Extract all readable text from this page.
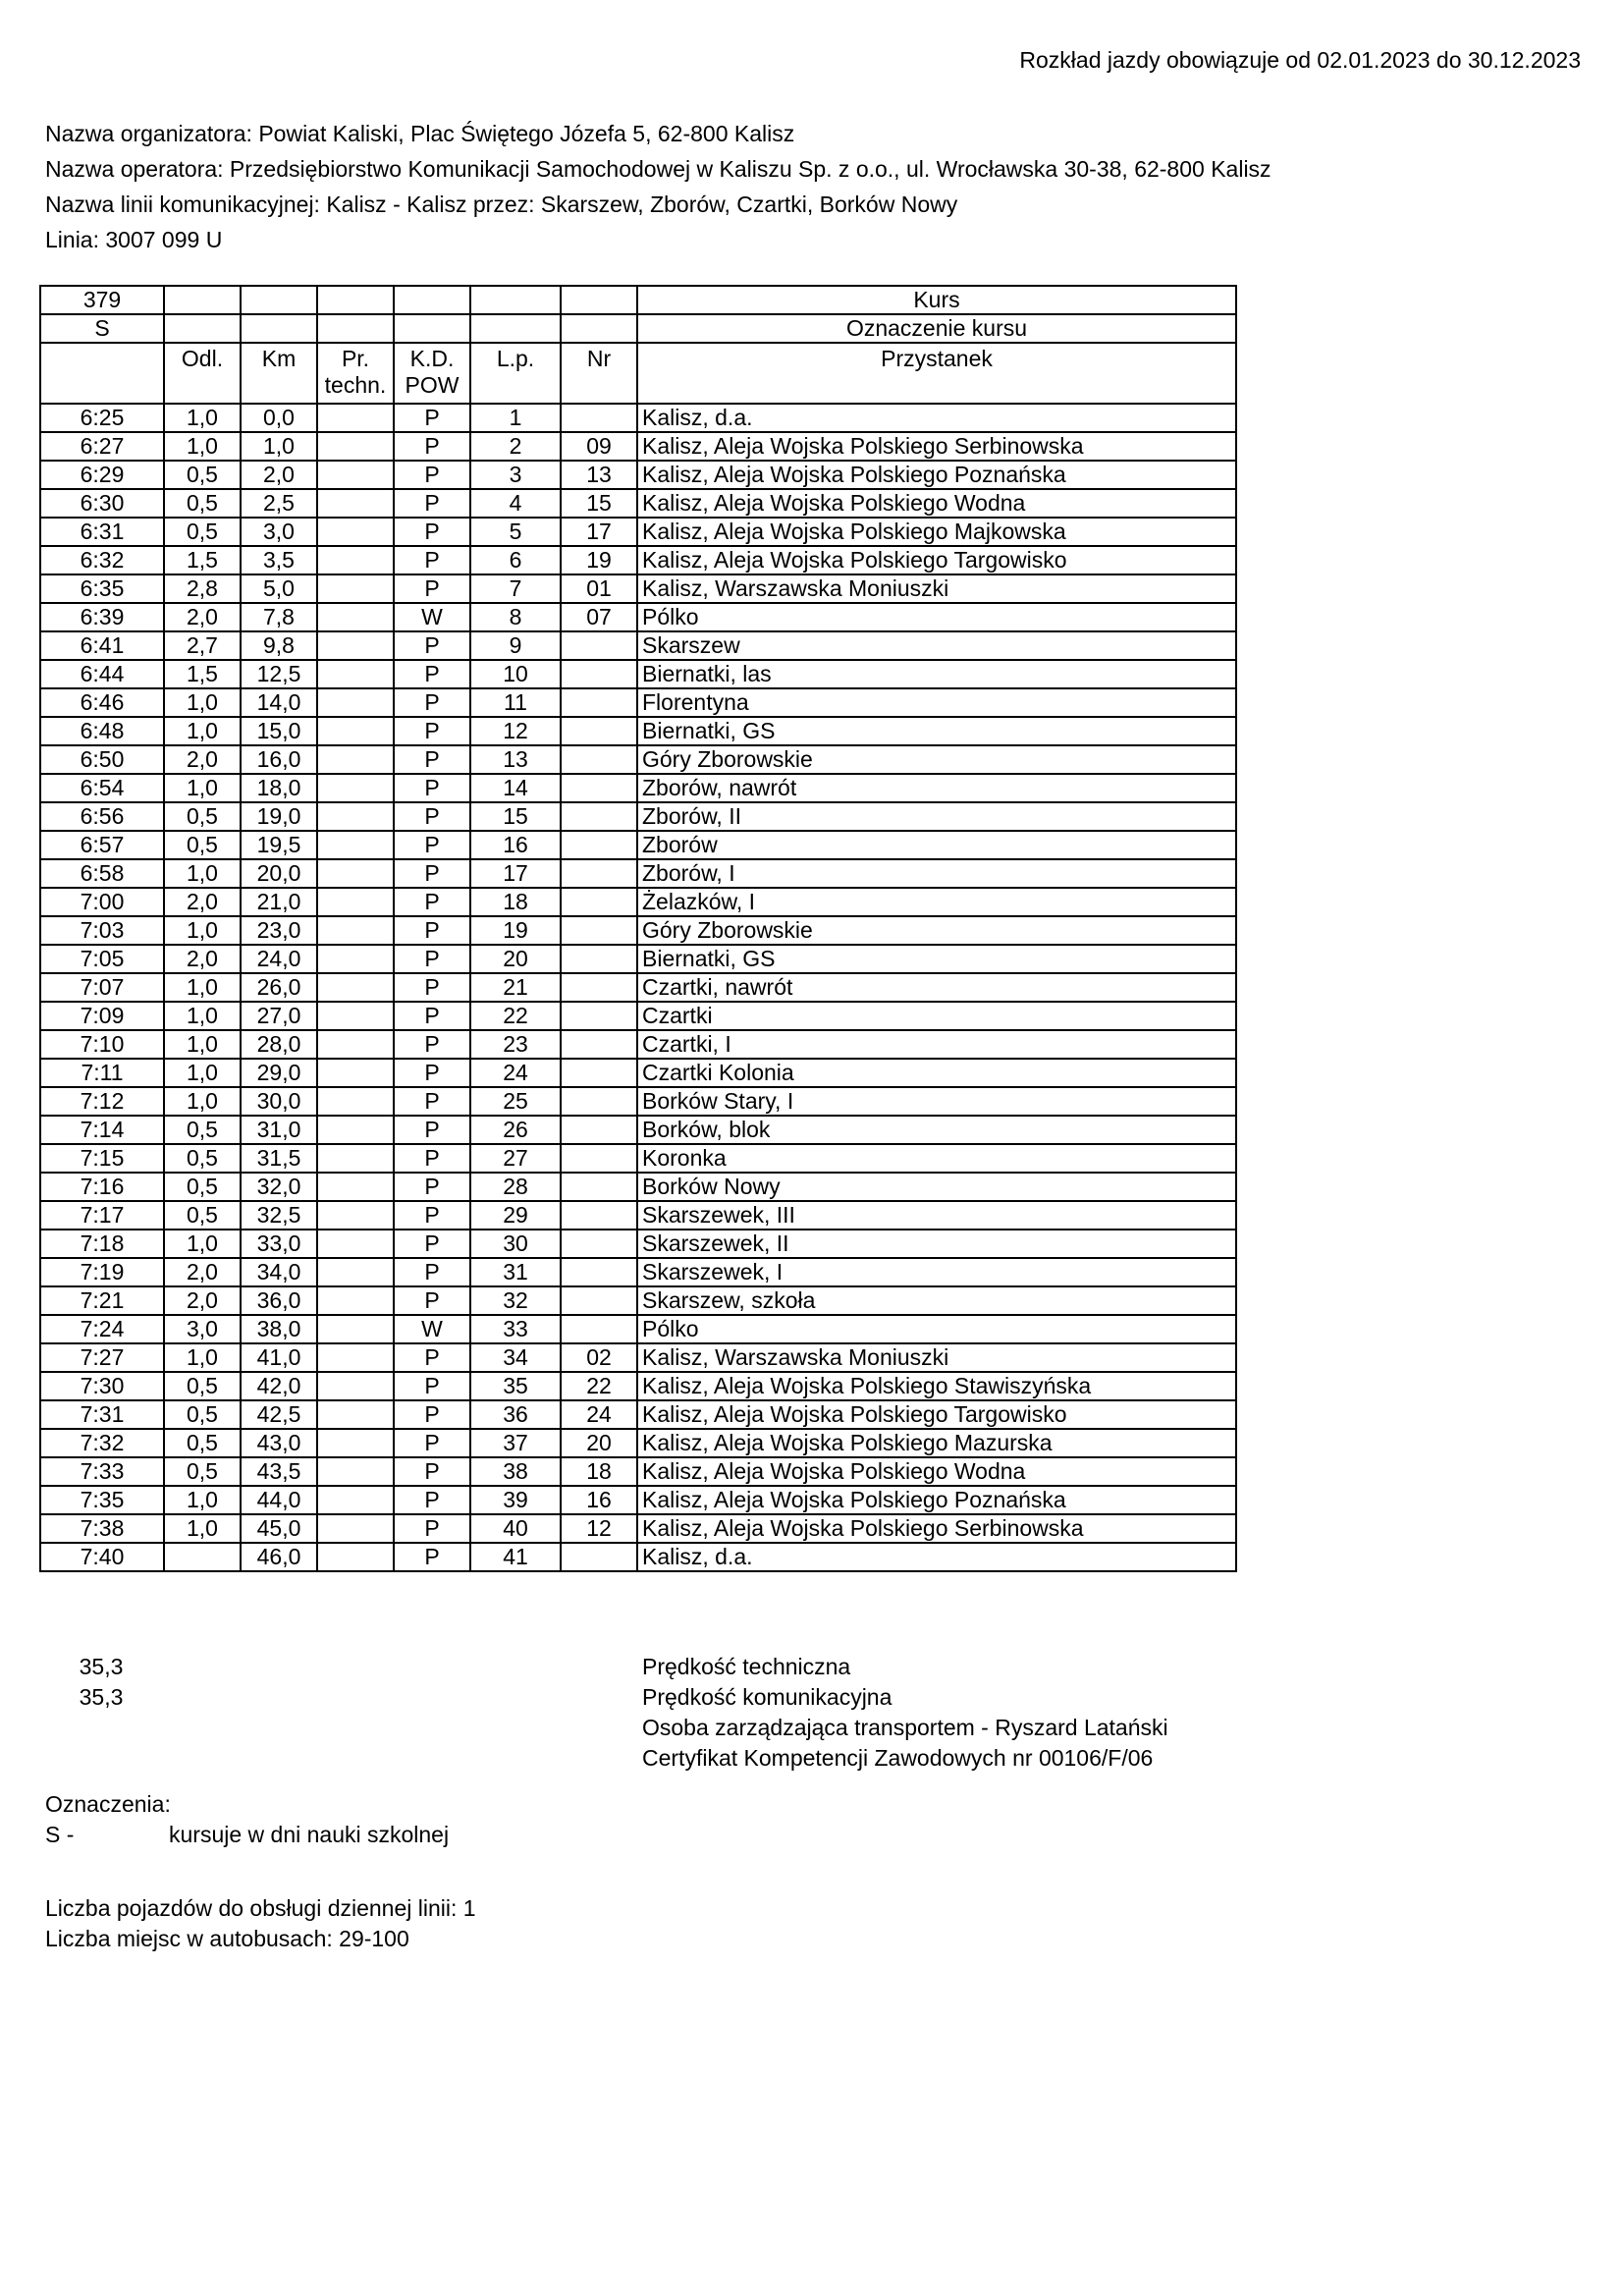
Rozkład jazdy obowiązuje od 02.01.2023 do 30.12.2023
Nazwa organizatora: Powiat Kaliski, Plac Świętego Józefa 5, 62-800 Kalisz
Nazwa operatora: Przedsiębiorstwo Komunikacji Samochodowej w Kaliszu Sp. z o.o., ul. Wrocławska 30-38, 62-800 Kalisz
Nazwa linii komunikacyjnej: Kalisz - Kalisz przez: Skarszew, Zborów, Czartki, Borków Nowy
Linia: 3007 099 U
379							Kurs
S							Oznaczenie kursu
	Odl.	Km	Pr. techn.	K.D. POW	L.p.	Nr	Przystanek
6:25	1,0	0,0		P	1		Kalisz, d.a.
6:27	1,0	1,0		P	2	09	Kalisz, Aleja Wojska Polskiego Serbinowska
6:29	0,5	2,0		P	3	13	Kalisz, Aleja Wojska Polskiego Poznańska
6:30	0,5	2,5		P	4	15	Kalisz, Aleja Wojska Polskiego Wodna
6:31	0,5	3,0		P	5	17	Kalisz, Aleja Wojska Polskiego Majkowska
6:32	1,5	3,5		P	6	19	Kalisz, Aleja Wojska Polskiego Targowisko
6:35	2,8	5,0		P	7	01	Kalisz, Warszawska Moniuszki
6:39	2,0	7,8		W	8	07	Pólko
6:41	2,7	9,8		P	9		Skarszew
6:44	1,5	12,5		P	10		Biernatki, las
6:46	1,0	14,0		P	11		Florentyna
6:48	1,0	15,0		P	12		Biernatki, GS
6:50	2,0	16,0		P	13		Góry Zborowskie
6:54	1,0	18,0		P	14		Zborów, nawrót
6:56	0,5	19,0		P	15		Zborów, II
6:57	0,5	19,5		P	16		Zborów
6:58	1,0	20,0		P	17		Zborów, I
7:00	2,0	21,0		P	18		Żelazków, I
7:03	1,0	23,0		P	19		Góry Zborowskie
7:05	2,0	24,0		P	20		Biernatki, GS
7:07	1,0	26,0		P	21		Czartki, nawrót
7:09	1,0	27,0		P	22		Czartki
7:10	1,0	28,0		P	23		Czartki, I
7:11	1,0	29,0		P	24		Czartki Kolonia
7:12	1,0	30,0		P	25		Borków Stary, I
7:14	0,5	31,0		P	26		Borków, blok
7:15	0,5	31,5		P	27		Koronka
7:16	0,5	32,0		P	28		Borków Nowy
7:17	0,5	32,5		P	29		Skarszewek, III
7:18	1,0	33,0		P	30		Skarszewek, II
7:19	2,0	34,0		P	31		Skarszewek, I
7:21	2,0	36,0		P	32		Skarszew, szkoła
7:24	3,0	38,0		W	33		Pólko
7:27	1,0	41,0		P	34	02	Kalisz, Warszawska Moniuszki
7:30	0,5	42,0		P	35	22	Kalisz, Aleja Wojska Polskiego Stawiszyńska
7:31	0,5	42,5		P	36	24	Kalisz, Aleja Wojska Polskiego Targowisko
7:32	0,5	43,0		P	37	20	Kalisz, Aleja Wojska Polskiego Mazurska
7:33	0,5	43,5		P	38	18	Kalisz, Aleja Wojska Polskiego Wodna
7:35	1,0	44,0		P	39	16	Kalisz, Aleja Wojska Polskiego Poznańska
7:38	1,0	45,0		P	40	12	Kalisz, Aleja Wojska Polskiego Serbinowska
7:40		46,0		P	41		Kalisz, d.a.
35,3	Prędkość techniczna
35,3	Prędkość komunikacyjna
Osoba zarządzająca transportem - Ryszard Latański
Certyfikat Kompetencji Zawodowych nr 00106/F/06
Oznaczenia:
S -	kursuje w dni nauki szkolnej
Liczba pojazdów do obsługi dziennej linii: 1
Liczba miejsc w autobusach: 29-100
